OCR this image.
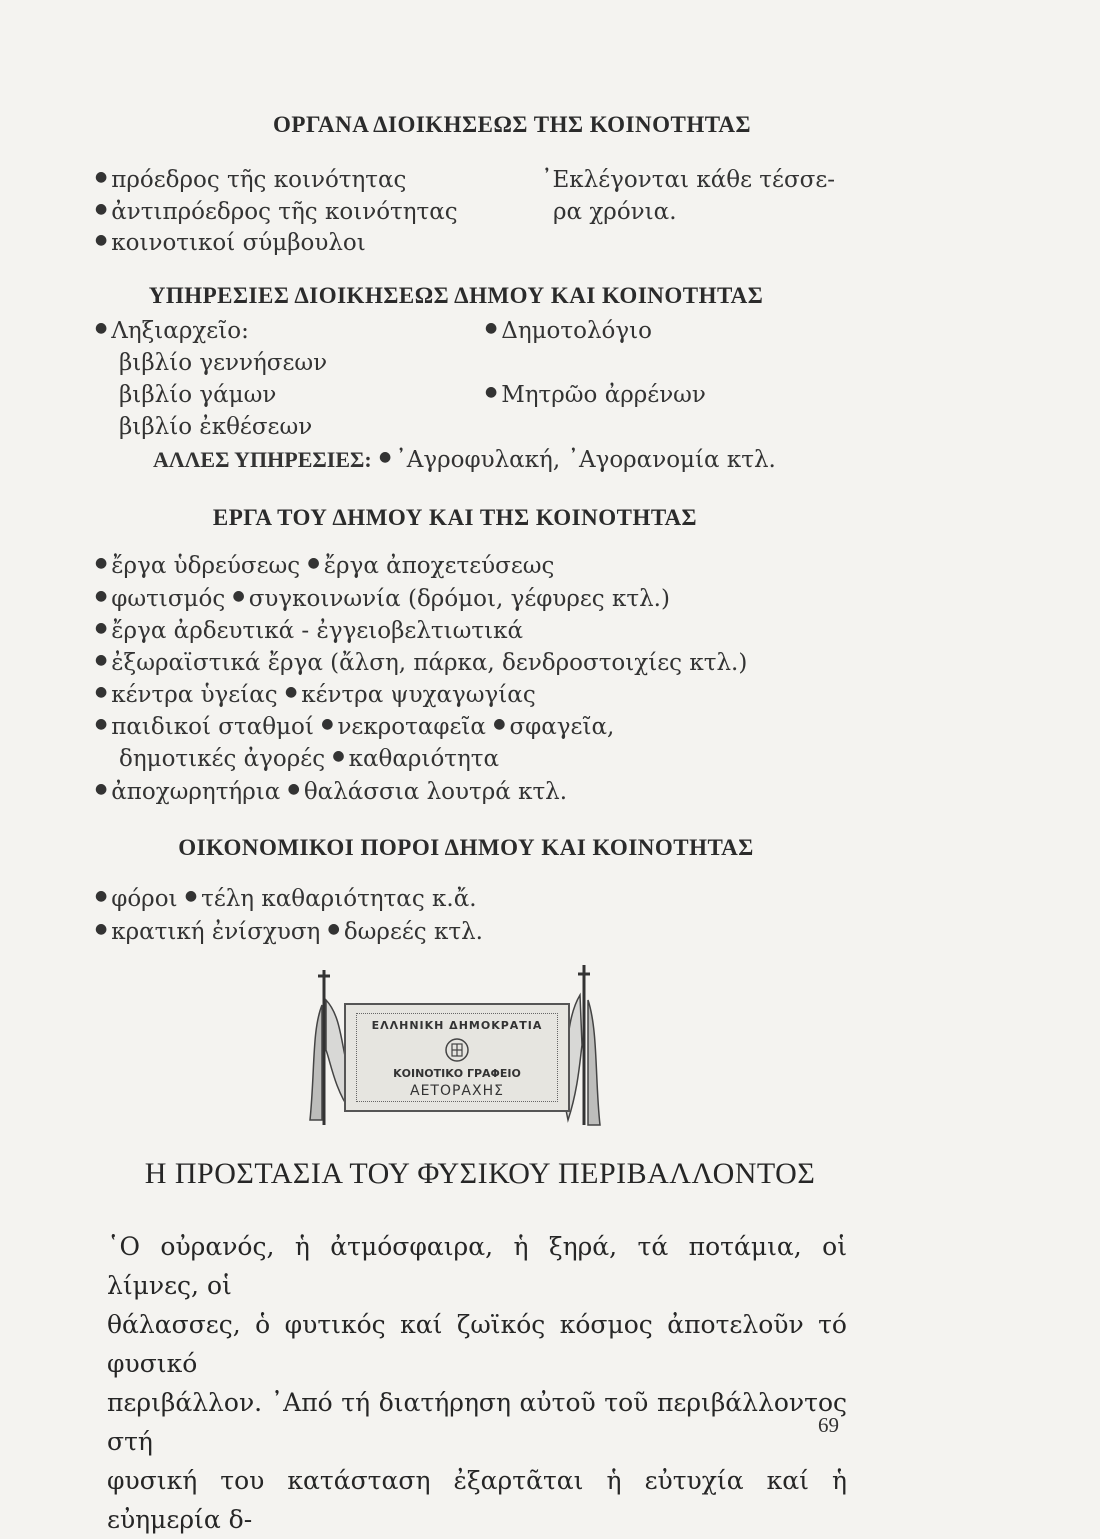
ΟΡΓΑΝΑ ΔΙΟΙΚΗΣΕΩΣ ΤΗΣ ΚΟΙΝΟΤΗΤΑΣ
● πρόεδρος τῆς κοινότητας
● ἀντιπρόεδρος τῆς κοινότητας
● κοινοτικοί σύμβουλοι
᾿Εκλέγονται κάθε τέσσε-
ρα χρόνια.
ΥΠΗΡΕΣΙΕΣ ΔΙΟΙΚΗΣΕΩΣ ΔΗΜΟΥ ΚΑΙ ΚΟΙΝΟΤΗΤΑΣ
● Ληξιαρχεῖο:
βιβλίο γεννήσεων
βιβλίο γάμων
βιβλίο ἐκθέσεων
● Δημοτολόγιο
● Μητρῶο ἀρρένων
ΑΛΛΕΣ ΥΠΗΡΕΣΙΕΣ: ● ᾿Αγροφυλακή, ᾿Αγορανομία κτλ.
ΕΡΓΑ ΤΟΥ ΔΗΜΟΥ ΚΑΙ ΤΗΣ ΚΟΙΝΟΤΗΤΑΣ
● ἔργα ὑδρεύσεως ● ἔργα ἀποχετεύσεως
● φωτισμός ● συγκοινωνία (δρόμοι, γέφυρες κτλ.)
● ἔργα ἀρδευτικά - ἐγγειοβελτιωτικά
● ἐξωραϊστικά ἔργα (ἄλση, πάρκα, δενδροστοιχίες κτλ.)
● κέντρα ὑγείας ● κέντρα ψυχαγωγίας
● παιδικοί σταθμοί ● νεκροταφεῖα ● σφαγεῖα,
δημοτικές ἀγορές ● καθαριότητα
● ἀποχωρητήρια ● θαλάσσια λουτρά κτλ.
ΟΙΚΟΝΟΜΙΚΟΙ ΠΟΡΟΙ ΔΗΜΟΥ ΚΑΙ ΚΟΙΝΟΤΗΤΑΣ
● φόροι ● τέλη καθαριότητας κ.ἄ.
● κρατική ἐνίσχυση ● δωρεές κτλ.
ΕΛΛΗΝΙΚΗ ΔΗΜΟΚΡΑΤΙΑ
ΚΟΙΝΟΤΙΚΟ ΓΡΑΦΕΙΟ
ΑΕΤΟΡΑΧΗΣ
Η ΠΡΟΣΤΑΣΙΑ ΤΟΥ ΦΥΣΙΚΟΥ ΠΕΡΙΒΑΛΛΟΝΤΟΣ
῾Ο οὐρανός, ἡ ἀτμόσφαιρα, ἡ ξηρά, τά ποτάμια, οἱ λίμνες, οἱ
θάλασσες, ὁ φυτικός καί ζωϊκός κόσμος ἀποτελοῦν τό φυσικό
περιβάλλον. ᾿Από τή διατήρηση αὐτοῦ τοῦ περιβάλλοντος στή
φυσική του κατάσταση ἐξαρτᾶται ἡ εὐτυχία καί ἡ εὐημερία δ-
69
